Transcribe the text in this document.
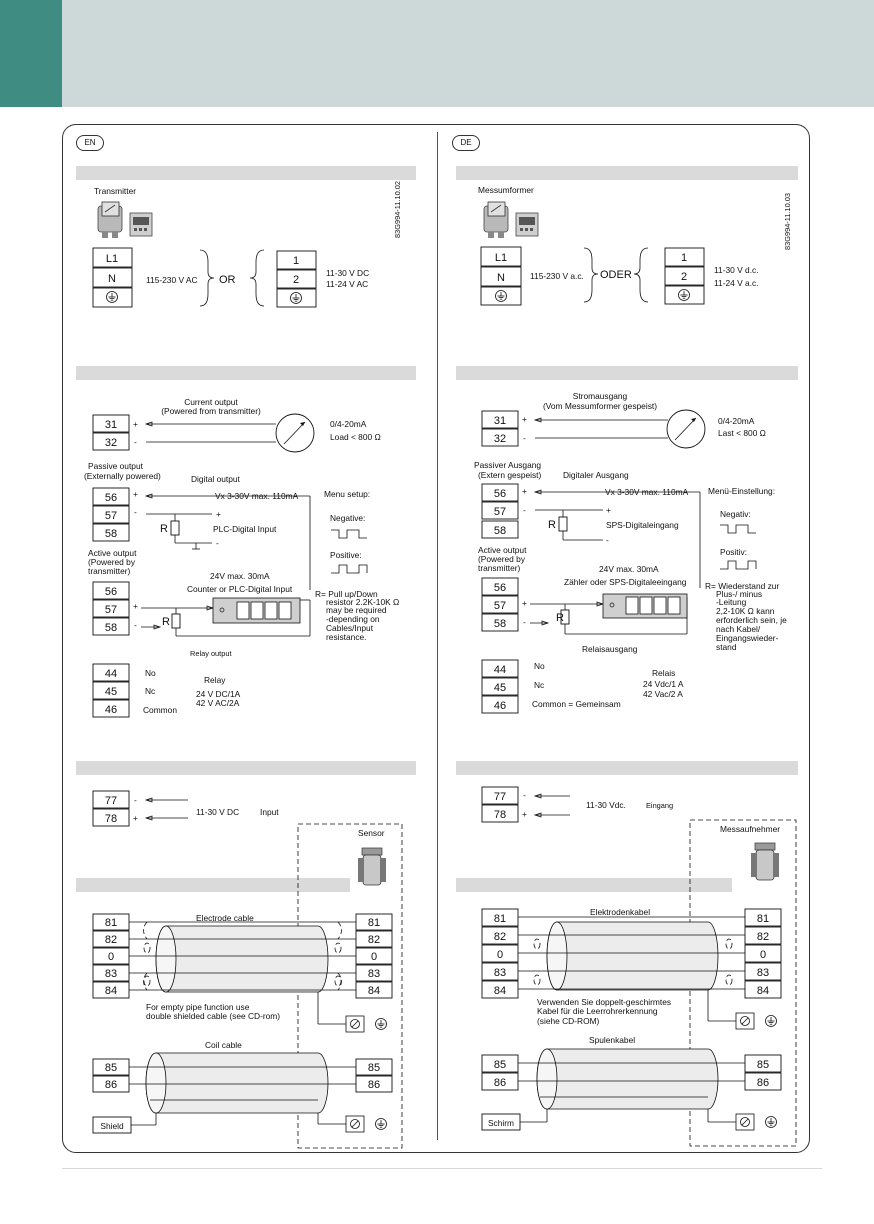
EN	DE
Transmitter	83G994-11.10.02
L1
N	115-230 V AC OR
1
2
11-30 V DC
11-24 V AC
Current output
(Powered from transmitter)
31
32
+
-
0/4-20mA
Load < 800 Ω
Passive output
(Externally powered)	Digital output
56
57
58
+
-
Vx 3-30V max. 110mA
+
R
-
PLC-Digital Input
Menu setup:
Negative:
Positive:
Active output
(Powered by
transmitter)	24V max. 30mA
Counter or PLC-Digital Input
56
57
58
+
- R
R= Pull up/Down
resistor 2.2K-10K Ω
may be required
-depending on
Cables/Input
resistance.
Relay output
44
45
46
No
Nc
Common
Relay
24 V DC/1A
42 V AC/2A
77
78
-
+
11-30 V DC Input
Sensor
Electrode cable
81
82
0
83
84
81
82
0
83
84
For empty pipe function use
double shielded cable (see CD-rom)
Coil cable
85
86
85
86
Shield
Messumformer
83G994-11.10.03
L1
N	115-230 V a.c. ODER
1
2
11-30 V d.c.
11-24 V a.c.
Stromausgang
(Vom Messumformer gespeist)
31
32
+
-
0/4-20mA
Last < 800 Ω
Passiver Ausgang
(Extern gespeist)	Digitaler Ausgang
56
57
58
+
-
Vx 3-30V max. 110mA
+
R
-
SPS-Digitaleingang
Menü-Einstellung:
Negativ:
Positiv:
Active output
(Powered by
transmitter)	24V max. 30mA
Zähler oder SPS-Digitaleeingang
56
57
58
+
-	R
R= Wiederstand zur
Plus-/ minus
-Leitung
2,2-10K Ω kann
erforderlich sein, je
nach Kabel/
Eingangswieder-
stand
Relaisausgang
44
45
46
No
Nc
Common = Gemeinsam
Relais
24 Vdc/1 A
42 Vac/2 A
77
78
-
+
11-30 Vdc.	Eingang
Messaufnehmer
Elektrodenkabel
81
82
0
83
84
81
82
0
83
84
Verwenden Sie doppelt-geschirmtes
Kabel für die Leerrohrerkennung
(siehe CD-ROM)
Spulenkabel
85
86
85
86
Schirm
